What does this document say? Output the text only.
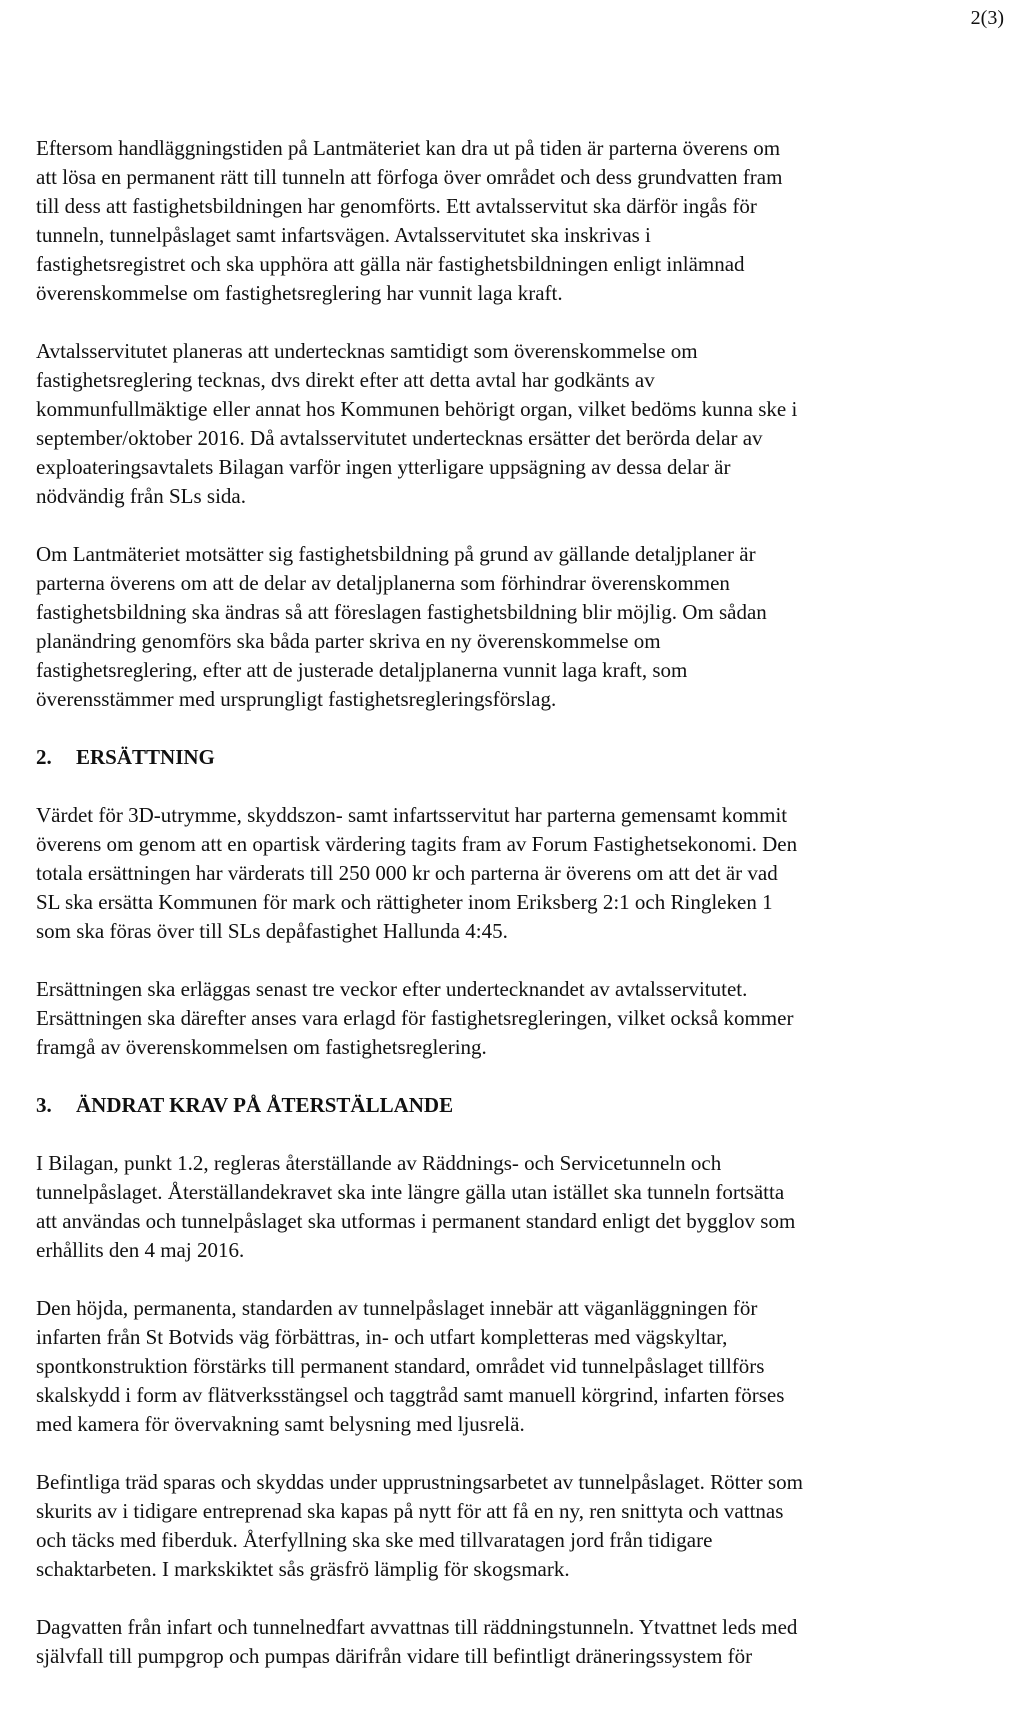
2(3)
Eftersom handläggningstiden på Lantmäteriet kan dra ut på tiden är parterna överens om
att lösa en permanent rätt till tunneln att förfoga över området och dess grundvatten fram
till dess att fastighetsbildningen har genomförts. Ett avtalsservitut ska därför ingås för
tunneln, tunnelpåslaget samt infartsvägen. Avtalsservitutet ska inskrivas i
fastighetsregistret och ska upphöra att gälla när fastighetsbildningen enligt inlämnad
överenskommelse om fastighetsreglering har vunnit laga kraft.
Avtalsservitutet planeras att undertecknas samtidigt som överenskommelse om
fastighetsreglering tecknas, dvs direkt efter att detta avtal har godkänts av
kommunfullmäktige eller annat hos Kommunen behörigt organ, vilket bedöms kunna ske i
september/oktober 2016. Då avtalsservitutet undertecknas ersätter det berörda delar av
exploateringsavtalets Bilagan varför ingen ytterligare uppsägning av dessa delar är
nödvändig från SLs sida.
Om Lantmäteriet motsätter sig fastighetsbildning på grund av gällande detaljplaner är
parterna överens om att de delar av detaljplanerna som förhindrar överenskommen
fastighetsbildning ska ändras så att föreslagen fastighetsbildning blir möjlig. Om sådan
planändring genomförs ska båda parter skriva en ny överenskommelse om
fastighetsreglering, efter att de justerade detaljplanerna vunnit laga kraft, som
överensstämmer med ursprungligt fastighetsregleringsförslag.
2. ERSÄTTNING
Värdet för 3D-utrymme, skyddszon- samt infartsservitut har parterna gemensamt kommit
överens om genom att en opartisk värdering tagits fram av Forum Fastighetsekonomi. Den
totala ersättningen har värderats till 250 000 kr och parterna är överens om att det är vad
SL ska ersätta Kommunen för mark och rättigheter inom Eriksberg 2:1 och Ringleken 1
som ska föras över till SLs depåfastighet Hallunda 4:45.
Ersättningen ska erläggas senast tre veckor efter undertecknandet av avtalsservitutet.
Ersättningen ska därefter anses vara erlagd för fastighetsregleringen, vilket också kommer
framgå av överenskommelsen om fastighetsreglering.
3. ÄNDRAT KRAV PÅ ÅTERSTÄLLANDE
I Bilagan, punkt 1.2, regleras återställande av Räddnings- och Servicetunneln och
tunnelpåslaget. Återställandekravet ska inte längre gälla utan istället ska tunneln fortsätta
att användas och tunnelpåslaget ska utformas i permanent standard enligt det bygglov som
erhållits den 4 maj 2016.
Den höjda, permanenta, standarden av tunnelpåslaget innebär att väganläggningen för
infarten från St Botvids väg förbättras, in- och utfart kompletteras med vägskyltar,
spontkonstruktion förstärks till permanent standard, området vid tunnelpåslaget tillförs
skalskydd i form av flätverksstängsel och taggtråd samt manuell körgrind, infarten förses
med kamera för övervakning samt belysning med ljusrelä.
Befintliga träd sparas och skyddas under upprustningsarbetet av tunnelpåslaget. Rötter som
skurits av i tidigare entreprenad ska kapas på nytt för att få en ny, ren snittyta och vattnas
och täcks med fiberduk. Återfyllning ska ske med tillvaratagen jord från tidigare
schaktarbeten. I markskiktet sås gräsfrö lämplig för skogsmark.
Dagvatten från infart och tunnelnedfart avvattnas till räddningstunneln. Ytvattnet leds med
självfall till pumpgrop och pumpas därifrån vidare till befintligt dräneringssystem för
